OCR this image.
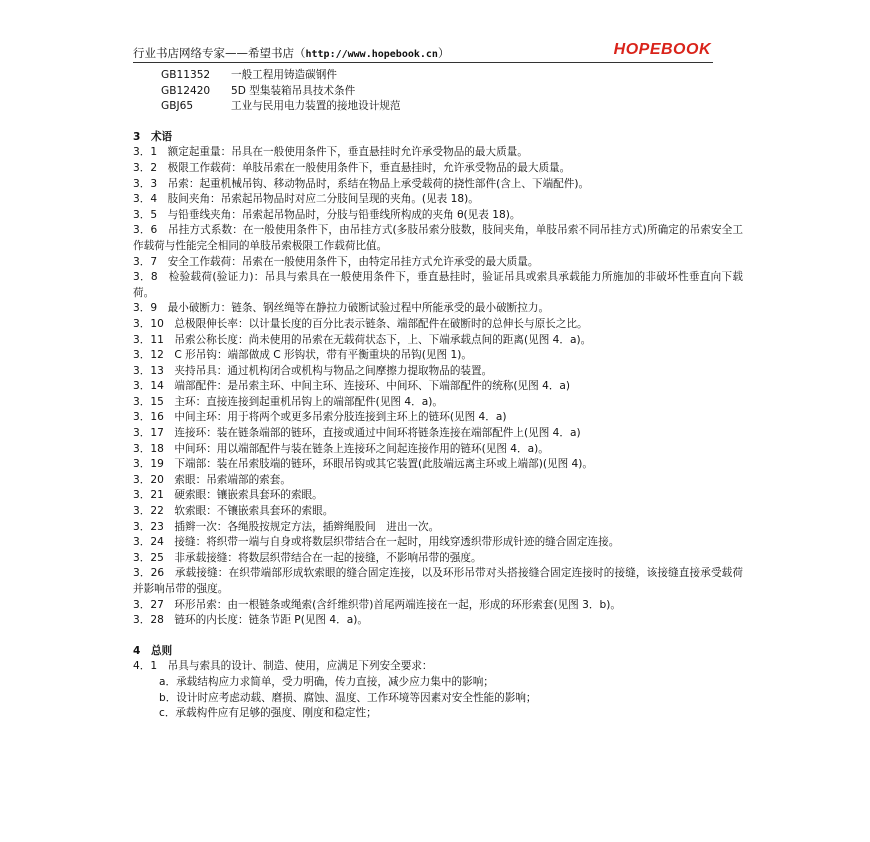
行业书店网络专家——希望书店（http://www.hopebook.cn）	HOPEBOOK
GB11352 一般工程用铸造碳钢件
GB12420 5D 型集装箱吊具技术条件
GBJ65	工业与民用电力装置的接地设计规范
3　术语
3．1　额定起重量：吊具在一般使用条件下，垂直悬挂时允许承受物品的最大质量。
3．2　极限工作载荷：单肢吊索在一般使用条件下，垂直悬挂时，允许承受物品的最大质量。
3．3　吊索：起重机械吊钩、移动物品时，系结在物品上承受载荷的挠性部件(含上、下端配件)。
3．4　肢间夹角：吊索起吊物品时对应二分肢间呈现的夹角。(见表 18)。
3．5　与铅垂线夹角：吊索起吊物品时，分肢与铅垂线所构成的夹角 θ(见表 18)。
3．6　吊挂方式系数：在一般使用条件下，由吊挂方式(多肢吊索分肢数，肢间夹角，单肢吊索不同吊挂方式)所确定的吊索安全工作载荷与性能完全相同的单肢吊索极限工作载荷比值。
3．7　安全工作载荷：吊索在一般使用条件下，由特定吊挂方式允许承受的最大质量。
3．8　检验载荷(验证力)：吊具与索具在一般使用条件下，垂直悬挂时，验证吊具或索具承载能力所施加的非破坏性垂直向下载荷。
3．9　最小破断力：链条、钢丝绳等在静拉力破断试验过程中所能承受的最小破断拉力。
3．10　总极限伸长率：以计量长度的百分比表示链条、端部配件在破断时的总伸长与原长之比。
3．11　吊索公称长度：尚未使用的吊索在无载荷状态下，上、下端承载点间的距离(见图 4．a)。
3．12　C 形吊钩：端部做成 C 形钩状，带有平衡重块的吊钩(见图 1)。
3．13　夹持吊具：通过机构闭合或机构与物品之间摩擦力提取物品的装置。
3．14　端部配件：是吊索主环、中间主环、连接环、中间环、下端部配件的统称(见图 4．a)
3．15　主环：直接连接到起重机吊钩上的端部配件(见图 4．a)。
3．16　中间主环：用于将两个或更多吊索分肢连接到主环上的链环(见图 4．a)
3．17　连接环：装在链条端部的链环，直接或通过中间环将链条连接在端部配件上(见图 4．a)
3．18　中间环：用以端部配件与装在链条上连接环之间起连接作用的链环(见图 4．a)。
3．19　下端部：装在吊索肢端的链环，环眼吊钩或其它装置(此肢端远离主环或上端部)(见图 4)。
3．20　索眼：吊索端部的索套。
3．21　硬索眼：镶嵌索具套环的索眼。
3．22　软索眼：不镶嵌索具套环的索眼。
3．23　插辫一次：各绳股按规定方法，插辫绳股间　进出一次。
3．24　接缝：将织带一端与自身或将数层织带结合在一起时，用线穿透织带形成针迹的缝合固定连接。
3．25　非承载接缝：将数层织带结合在一起的接缝，不影响吊带的强度。
3．26　承载接缝：在织带端部形成软索眼的缝合固定连接，以及环形吊带对头搭接缝合固定连接时的接缝，该接缝直接承受载荷并影响吊带的强度。
3．27　环形吊索：由一根链条或绳索(含纤维织带)首尾两端连接在一起，形成的环形索套(见图 3．b)。
3．28　链环的内长度：链条节距 P(见图 4．a)。
4　总则
4．1　吊具与索具的设计、制造、使用，应满足下列安全要求：
a．承载结构应力求简单，受力明确，传力直接，减少应力集中的影响；
b．设计时应考虑动载、磨损、腐蚀、温度、工作环境等因素对安全性能的影响；
c．承载构件应有足够的强度、刚度和稳定性；
